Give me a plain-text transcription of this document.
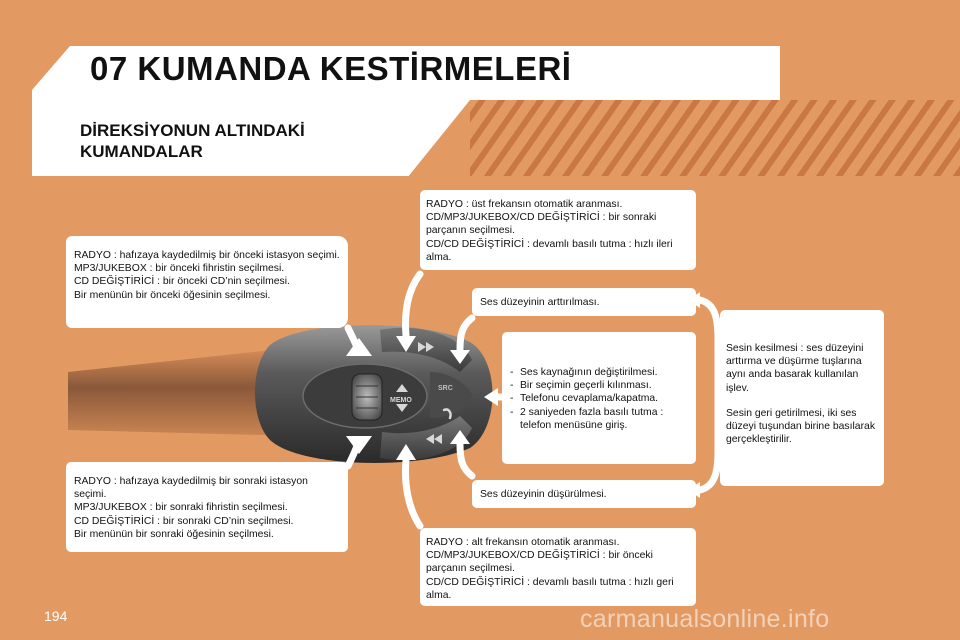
07 KUMANDA KESTİRMELERİ
DİREKSİYONUN ALTINDAKİ
KUMANDALAR
MEMO
SRC

RADYO : hafızaya kaydedilmiş bir önceki istasyon seçimi.

MP3/JUKEBOX : bir önceki fihristin seçilmesi.

CD DEĞİŞTİRİCİ : bir önceki CD’nin seçilmesi.

Bir menünün bir önceki öğesinin seçilmesi.

RADYO : hafızaya kaydedilmiş bir sonraki istasyon seçimi.

MP3/JUKEBOX : bir sonraki fihristin seçilmesi.

CD DEĞİŞTİRİCİ : bir sonraki CD’nin seçilmesi.

Bir menünün bir sonraki öğesinin seçilmesi.

RADYO : üst frekansın otomatik aranması.

CD/MP3/JUKEBOX/CD DEĞİŞTİRİCİ : bir sonraki parçanın seçilmesi.

CD/CD DEĞİŞTİRİCİ : devamlı basılı tutma : hızlı ileri alma.

Ses düzeyinin arttırılması.

- Ses kaynağının değiştirilmesi.
- Bir seçimin geçerli kılınması.
- Telefonu cevaplama/kapatma.
- 2 saniyeden fazla basılı tutma : telefon menüsüne giriş.

Ses düzeyinin düşürülmesi.

RADYO : alt frekansın otomatik aranması.

CD/MP3/JUKEBOX/CD DEĞİŞTİRİCİ : bir önceki parçanın seçilmesi.

CD/CD DEĞİŞTİRİCİ : devamlı basılı tutma : hızlı geri alma.

Sesin kesilmesi : ses düzeyini arttırma ve düşürme tuşlarına aynı anda basarak kullanılan işlev.

Sesin geri getirilmesi, iki ses düzeyi tuşundan birine basılarak gerçekleştirilir.

194	carmanualsonline.info
